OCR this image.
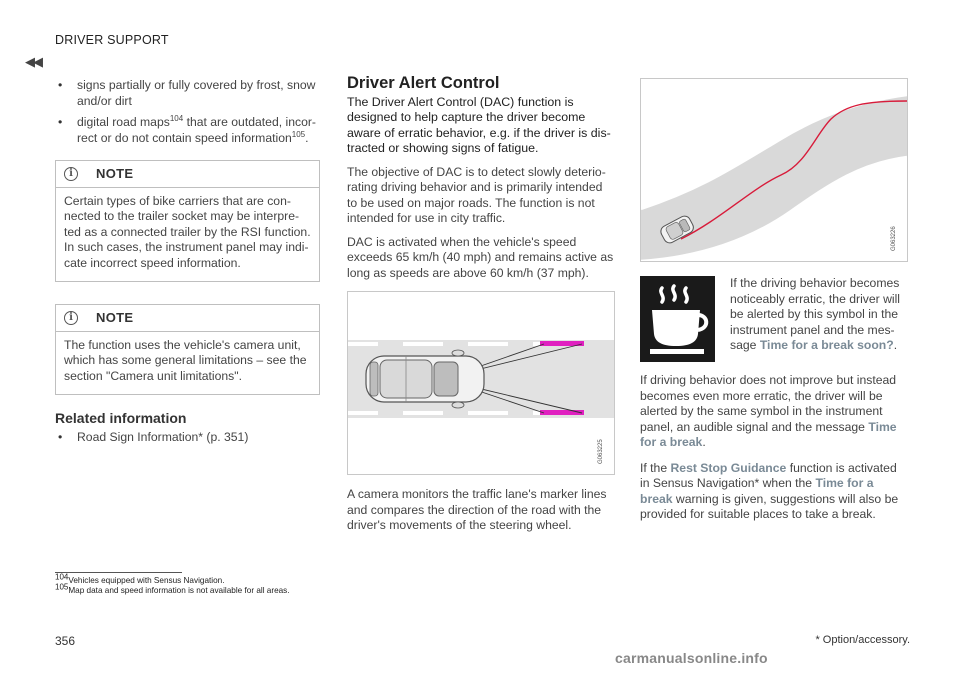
DRIVER SUPPORT
◀◀
• signs partially or fully covered by frost, snow and/or dirt
• digital road maps$^{104}$ that are outdated, incor-rect or do not contain speed information$^{105}$.
i	NOTE
Certain types of bike carriers that are con-nected to the trailer socket may be interpre-ted as a connected trailer by the RSI function. In such cases, the instrument panel may indi-cate incorrect speed information.
i	NOTE
The function uses the vehicle's camera unit, which has some general limitations – see the section "Camera unit limitations".
Related information
• Road Sign Information* (p. 351)
Driver Alert Control
The Driver Alert Control (DAC) function is designed to help capture the driver become aware of erratic behavior, e.g. if the driver is dis-tracted or showing signs of fatigue.
The objective of DAC is to detect slowly deterio-rating driving behavior and is primarily intended to be used on major roads. The function is not intended for use in city traffic.
DAC is activated when the vehicle's speed exceeds 65 km/h (40 mph) and remains active as long as speeds are above 60 km/h (37 mph).
G063225
A camera monitors the traffic lane's marker lines and compares the direction of the road with the driver's movements of the steering wheel.
G063226
If the driving behavior becomes noticeably erratic, the driver will be alerted by this symbol in the instrument panel and the mes-sage Time for a break soon?.
If driving behavior does not improve but instead becomes even more erratic, the driver will be alerted by the same symbol in the instrument panel, an audible signal and the message Time for a break.
If the Rest Stop Guidance function is activated in Sensus Navigation* when the Time for a break warning is given, suggestions will also be provided for suitable places to take a break.
$^{104}$Vehicles equipped with Sensus Navigation.
$^{105}$Map data and speed information is not available for all areas.
356	* Option/accessory.
carmanualsonline.info
